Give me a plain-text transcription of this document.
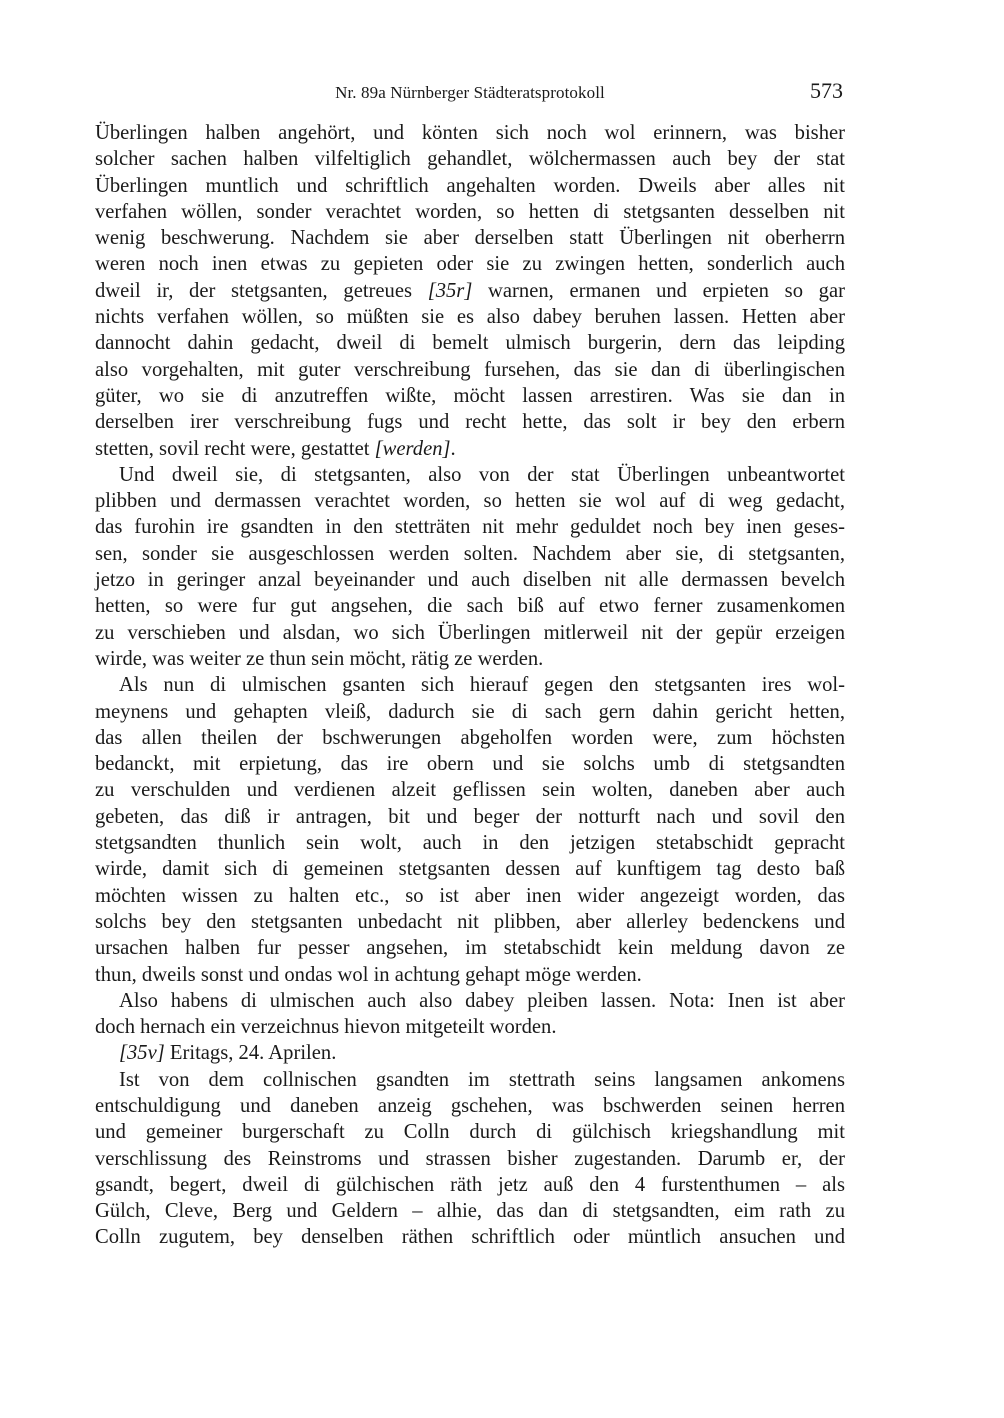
Nr. 89a Nürnberger Städteratsprotokoll	573
Überlingen halben angehört, und könten sich noch wol erinnern, was bisher
solcher sachen halben vilfeltiglich gehandlet, wölchermassen auch bey der stat
Überlingen muntlich und schriftlich angehalten worden. Dweils aber alles nit
verfahen wöllen, sonder verachtet worden, so hetten di stetgsanten desselben nit
wenig beschwerung. Nachdem sie aber derselben statt Überlingen nit oberherrn
weren noch inen etwas zu gepieten oder sie zu zwingen hetten, sonderlich auch
dweil ir, der stetgsanten, getreues [35r] warnen, ermanen und erpieten so gar
nichts verfahen wöllen, so müßten sie es also dabey beruhen lassen. Hetten aber
dannocht dahin gedacht, dweil di bemelt ulmisch burgerin, dern das leipding
also vorgehalten, mit guter verschreibung fursehen, das sie dan di überlingischen
güter, wo sie di anzutreffen wißte, möcht lassen arrestiren. Was sie dan in
derselben irer verschreibung fugs und recht hette, das solt ir bey den erbern
stetten, sovil recht were, gestattet [werden].
Und dweil sie, di stetgsanten, also von der stat Überlingen unbeantwortet
plibben und dermassen verachtet worden, so hetten sie wol auf di weg gedacht,
das furohin ire gsandten in den stetträten nit mehr geduldet noch bey inen geses-
sen, sonder sie ausgeschlossen werden solten. Nachdem aber sie, di stetgsanten,
jetzo in geringer anzal beyeinander und auch diselben nit alle dermassen bevelch
hetten, so were fur gut angsehen, die sach biß auf etwo ferner zusamenkomen
zu verschieben und alsdan, wo sich Überlingen mitlerweil nit der gepür erzeigen
wirde, was weiter ze thun sein möcht, rätig ze werden.
Als nun di ulmischen gsanten sich hierauf gegen den stetgsanten ires wol-
meynens und gehapten vleiß, dadurch sie di sach gern dahin gericht hetten,
das allen theilen der bschwerungen abgeholfen worden were, zum höchsten
bedanckt, mit erpietung, das ire obern und sie solchs umb di stetgsandten
zu verschulden und verdienen alzeit geflissen sein wolten, daneben aber auch
gebeten, das diß ir antragen, bit und beger der notturft nach und sovil den
stetgsandten thunlich sein wolt, auch in den jetzigen stetabschidt gepracht
wirde, damit sich di gemeinen stetgsanten dessen auf kunftigem tag desto baß
möchten wissen zu halten etc., so ist aber inen wider angezeigt worden, das
solchs bey den stetgsanten unbedacht nit plibben, aber allerley bedenckens und
ursachen halben fur pesser angsehen, im stetabschidt kein meldung davon ze
thun, dweils sonst und ondas wol in achtung gehapt möge werden.
Also habens di ulmischen auch also dabey pleiben lassen. Nota: Inen ist aber
doch hernach ein verzeichnus hievon mitgeteilt worden.
[35v] Eritags, 24. Aprilen.
Ist von dem collnischen gsandten im stettrath seins langsamen ankomens
entschuldigung und daneben anzeig gschehen, was bschwerden seinen herren
und gemeiner burgerschaft zu Colln durch di gülchisch kriegshandlung mit
verschlissung des Reinstroms und strassen bisher zugestanden. Darumb er, der
gsandt, begert, dweil di gülchischen räth jetz auß den 4 furstenthumen – als
Gülch, Cleve, Berg und Geldern – alhie, das dan di stetgsandten, eim rath zu
Colln zugutem, bey denselben räthen schriftlich oder müntlich ansuchen und
